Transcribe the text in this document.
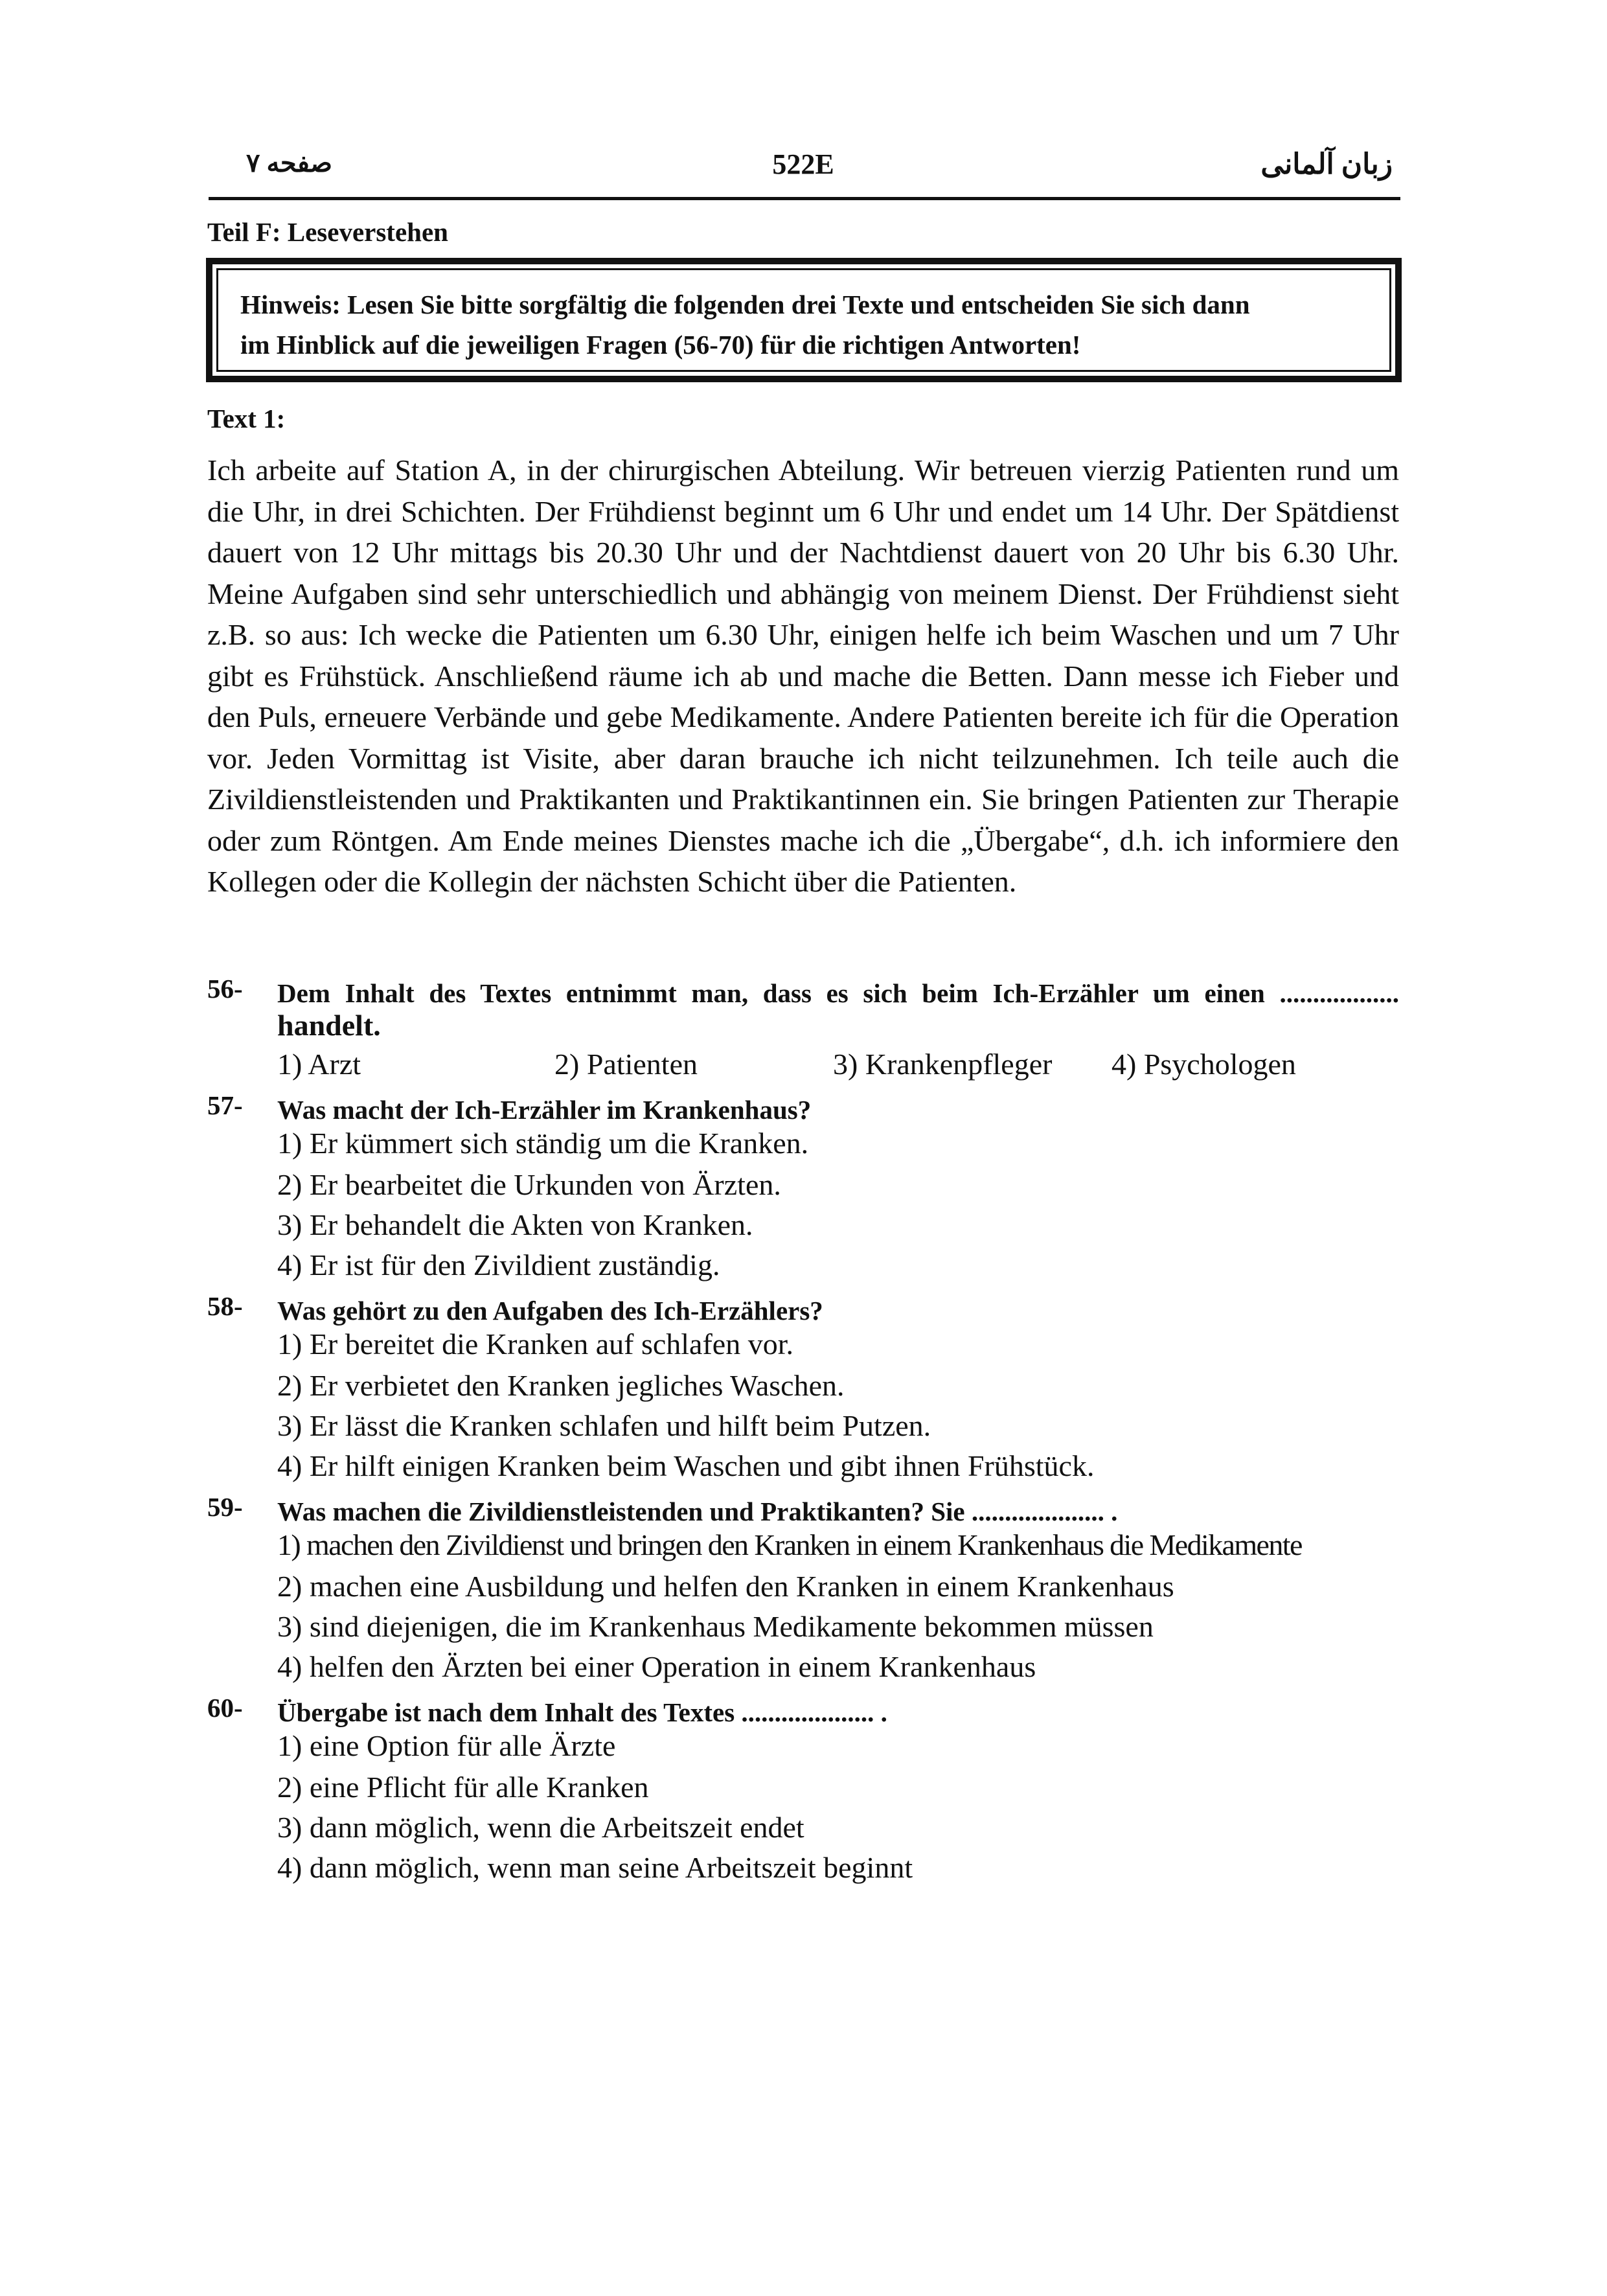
صفحه ۷	522E	زبان آلمانی
Teil F: Leseverstehen
Hinweis: Lesen Sie bitte sorgfältig die folgenden drei Texte und entscheiden Sie sich dann
im Hinblick auf die jeweiligen Fragen (56-70) für die richtigen Antworten!
Text 1:
Ich arbeite auf Station A, in der chirurgischen Abteilung. Wir betreuen vierzig Patienten rund um die Uhr, in drei Schichten. Der Frühdienst beginnt um 6 Uhr und endet um 14 Uhr. Der Spätdienst dauert von 12 Uhr mittags bis 20.30 Uhr und der Nachtdienst dauert von 20 Uhr bis 6.30 Uhr. Meine Aufgaben sind sehr unterschiedlich und abhängig von meinem Dienst. Der Frühdienst sieht z.B. so aus: Ich wecke die Patienten um 6.30 Uhr, einigen helfe ich beim Waschen und um 7 Uhr gibt es Frühstück. Anschließend räume ich ab und mache die Betten. Dann messe ich Fieber und den Puls, erneuere Verbände und gebe Medikamente. Andere Patienten bereite ich für die Operation vor. Jeden Vormittag ist Visite, aber daran brauche ich nicht teilzunehmen. Ich teile auch die Zivildienstleistenden und Praktikanten und Praktikantinnen ein. Sie bringen Patienten zur Therapie oder zum Röntgen. Am Ende meines Dienstes mache ich die „Übergabe“, d.h. ich informiere den Kollegen oder die Kollegin der nächsten Schicht über die Patienten.
56- Dem Inhalt des Textes entnimmt man, dass es sich beim Ich-Erzähler um einen ..................
handelt.
1) Arzt	2) Patienten	3) Krankenpfleger 4) Psychologen
57- Was macht der Ich-Erzähler im Krankenhaus?
1) Er kümmert sich ständig um die Kranken.
2) Er bearbeitet die Urkunden von Ärzten.
3) Er behandelt die Akten von Kranken.
4) Er ist für den Zivildient zuständig.
58- Was gehört zu den Aufgaben des Ich-Erzählers?
1) Er bereitet die Kranken auf schlafen vor.
2) Er verbietet den Kranken jegliches Waschen.
3) Er lässt die Kranken schlafen und hilft beim Putzen.
4) Er hilft einigen Kranken beim Waschen und gibt ihnen Frühstück.
59- Was machen die Zivildienstleistenden und Praktikanten? Sie .................... .
1) machen den Zivildienst und bringen den Kranken in einem Krankenhaus die Medikamente
2) machen eine Ausbildung und helfen den Kranken in einem Krankenhaus
3) sind diejenigen, die im Krankenhaus Medikamente bekommen müssen
4) helfen den Ärzten bei einer Operation in einem Krankenhaus
60- Übergabe ist nach dem Inhalt des Textes .................... .
1) eine Option für alle Ärzte
2) eine Pflicht für alle Kranken
3) dann möglich, wenn die Arbeitszeit endet
4) dann möglich, wenn man seine Arbeitszeit beginnt
